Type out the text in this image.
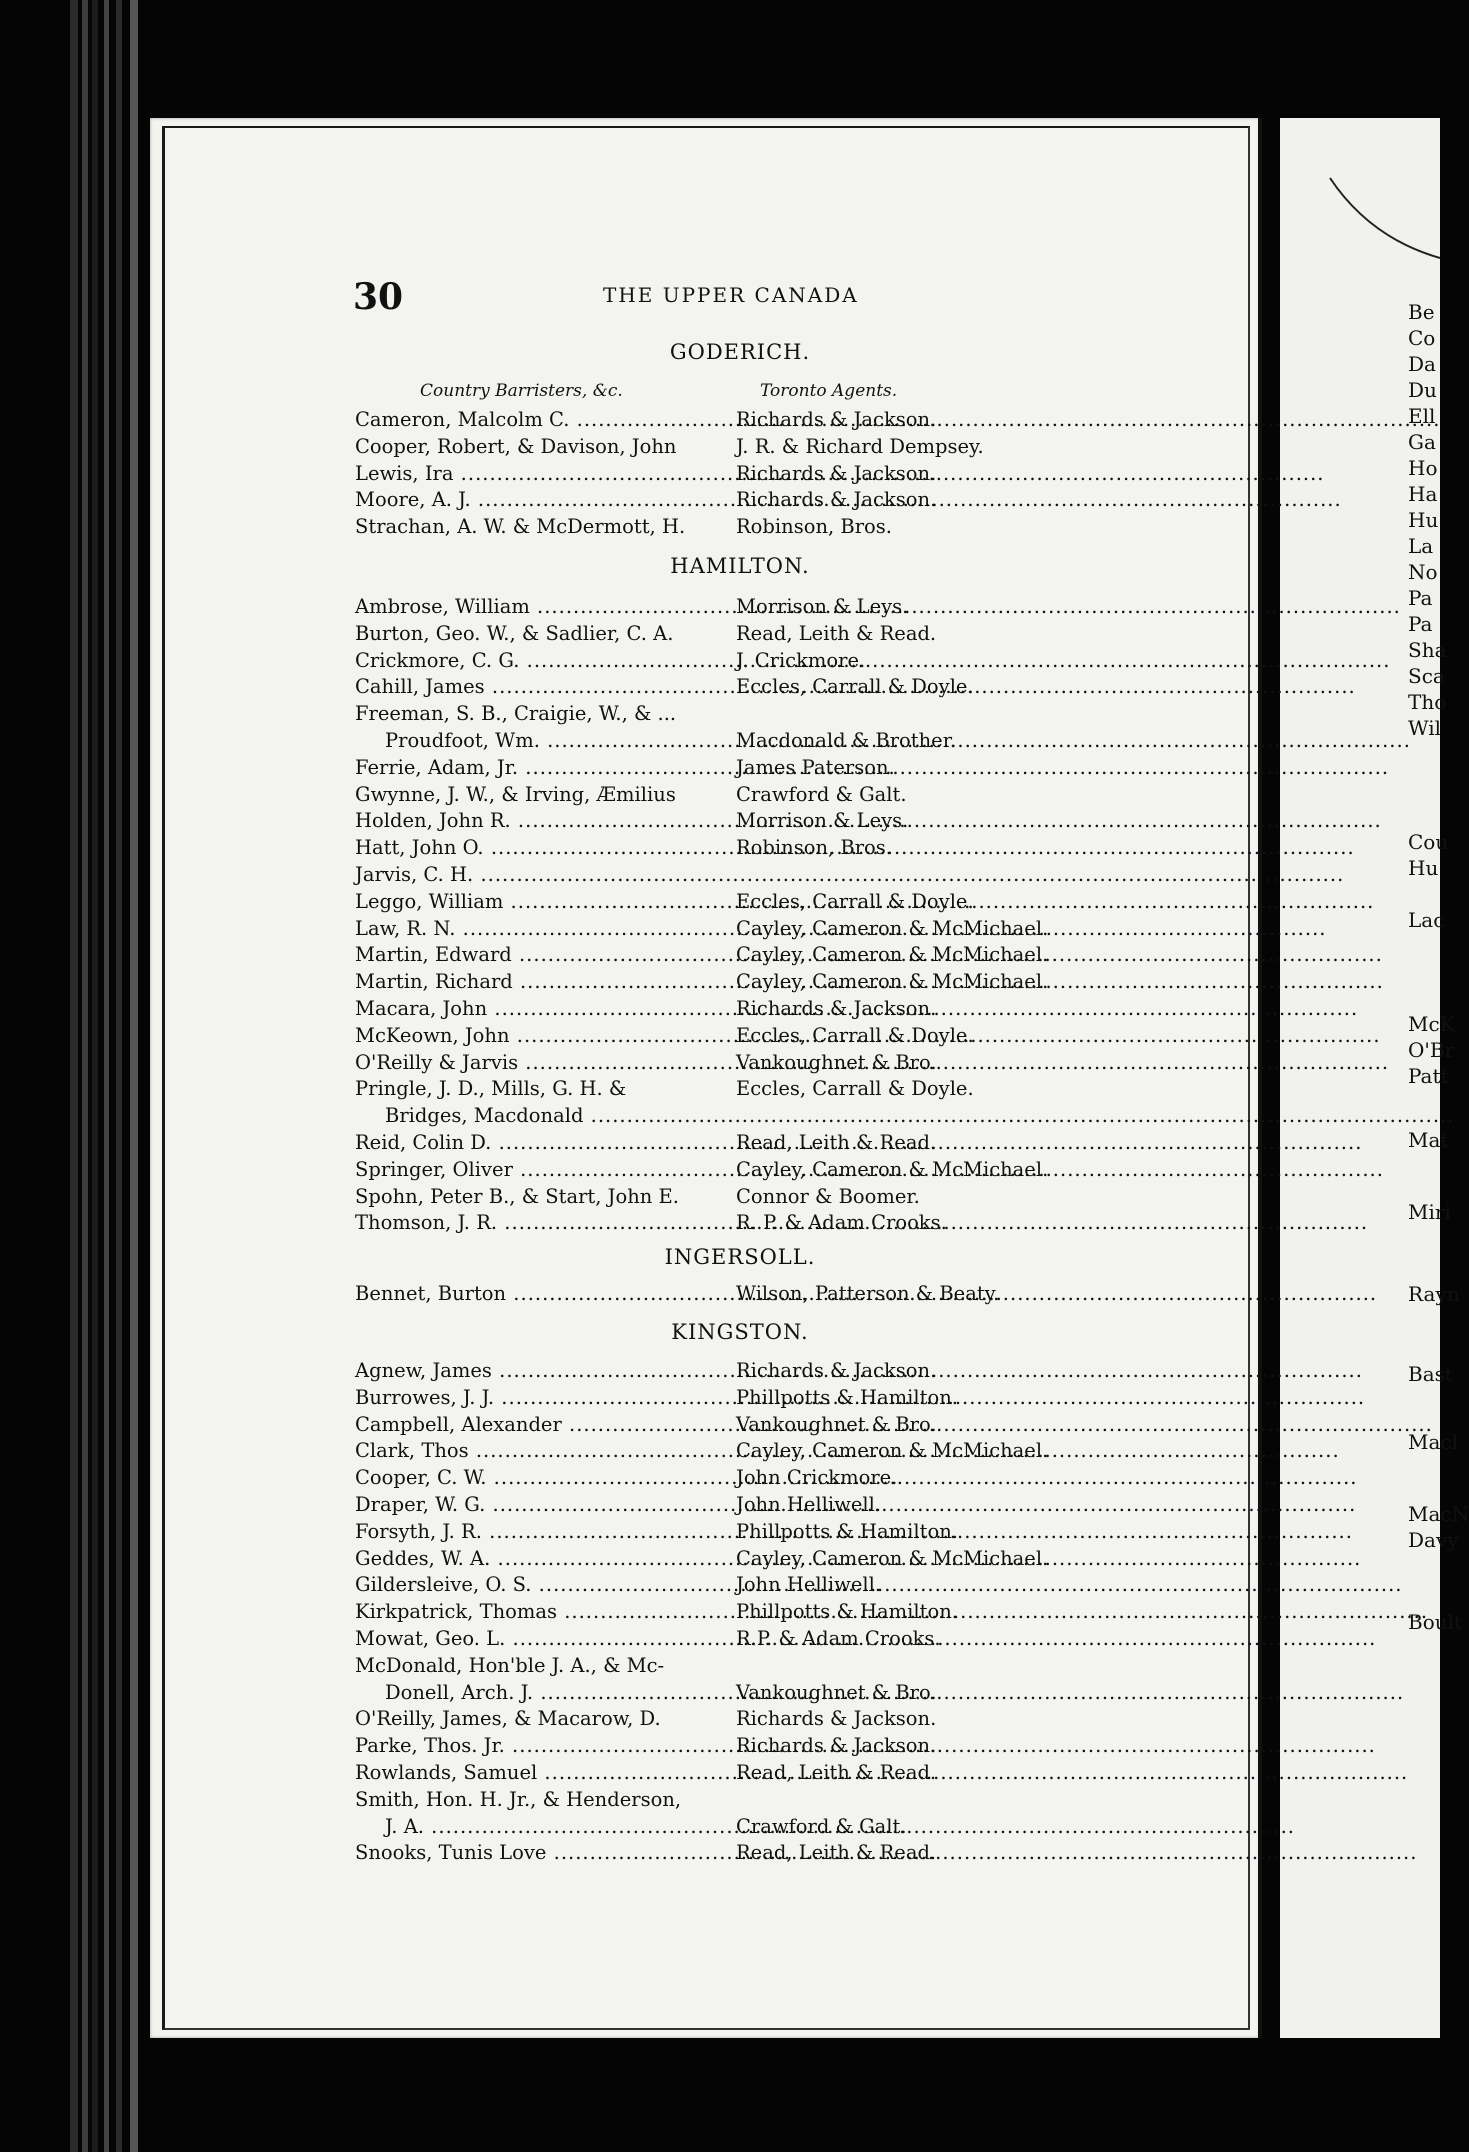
Be
Co
Da
Du
Ell
Ga
Ho
Ha
Hu
La
No
Pa
Pa
Sha
Sca
Tho
Wil
Cou
Hu
Lac
McK
O'Br
Patt
Mat
Miri
Rayn
Bast
Macl
MacN
Davy
Boult
30	THE UPPER CANADA
Country Barristers, &c.	Toronto Agents.
GODERICH.
Cameron, Malcolm C. .....	Richards & Jackson.
Cooper, Robert, & Davison, John	J. R. & Richard Dempsey.
Lewis, Ira .....	Richards & Jackson.
Moore, A. J. .....	Richards & Jackson.
Strachan, A. W. & McDermott, H.	Robinson, Bros.
HAMILTON.
Ambrose, William .....	Morrison & Leys.
Burton, Geo. W., & Sadlier, C. A.	Read, Leith & Read.
Crickmore, C. G. .....	J. Crickmore.
Cahill, James .....	Eccles, Carrall & Doyle.
Freeman, S. B., Craigie, W., & ...
Proudfoot, Wm. .....	Macdonald & Brother.
Ferrie, Adam, Jr. .....	James Paterson.
Gwynne, J. W., & Irving, Æmilius	Crawford & Galt.
Holden, John R. .....	Morrison & Leys.
Hatt, John O. .....	Robinson, Bros.
Jarvis, C. H. .....
Leggo, William .....	Eccles, Carrall & Doyle.
Law, R. N. .....	Cayley, Cameron & McMichael.
Martin, Edward .....	Cayley, Cameron & McMichael.
Martin, Richard .....	Cayley, Cameron & McMichael.
Macara, John .....	Richards & Jackson.
McKeown, John .....	Eccles, Carrall & Doyle.
O'Reilly & Jarvis .....	Vankoughnet & Bro.
Pringle, J. D., Mills, G. H. &	Eccles, Carrall & Doyle.
Bridges, Macdonald .....
Reid, Colin D. .....	Read, Leith & Read.
Springer, Oliver .....	Cayley, Cameron & McMichael.
Spohn, Peter B., & Start, John E.	Connor & Boomer.
Thomson, J. R. .....	R. P. & Adam Crooks.
INGERSOLL.
Bennet, Burton .....	Wilson, Patterson & Beaty.
KINGSTON.
Agnew, James .....	Richards & Jackson.
Burrowes, J. J. .....	Phillpotts & Hamilton.
Campbell, Alexander .....	Vankoughnet & Bro.
Clark, Thos .....	Cayley, Cameron & McMichael.
Cooper, C. W. .....	John Crickmore.
Draper, W. G. .....	John Helliwell.
Forsyth, J. R. .....	Phillpotts & Hamilton.
Geddes, W. A. .....	Cayley, Cameron & McMichael.
Gildersleive, O. S. .....	John Helliwell.
Kirkpatrick, Thomas .....	Phillpotts & Hamilton.
Mowat, Geo. L. .....	R.P. & Adam Crooks.
McDonald, Hon'ble J. A., & Mc-
Donell, Arch. J. .....	Vankoughnet & Bro.
O'Reilly, James, & Macarow, D.	Richards & Jackson.
Parke, Thos. Jr. .....	Richards & Jackson.
Rowlands, Samuel .....	Read, Leith & Read.
Smith, Hon. H. Jr., & Henderson,
J. A. .....	Crawford & Galt.
Snooks, Tunis Love .....	Read, Leith & Read.
